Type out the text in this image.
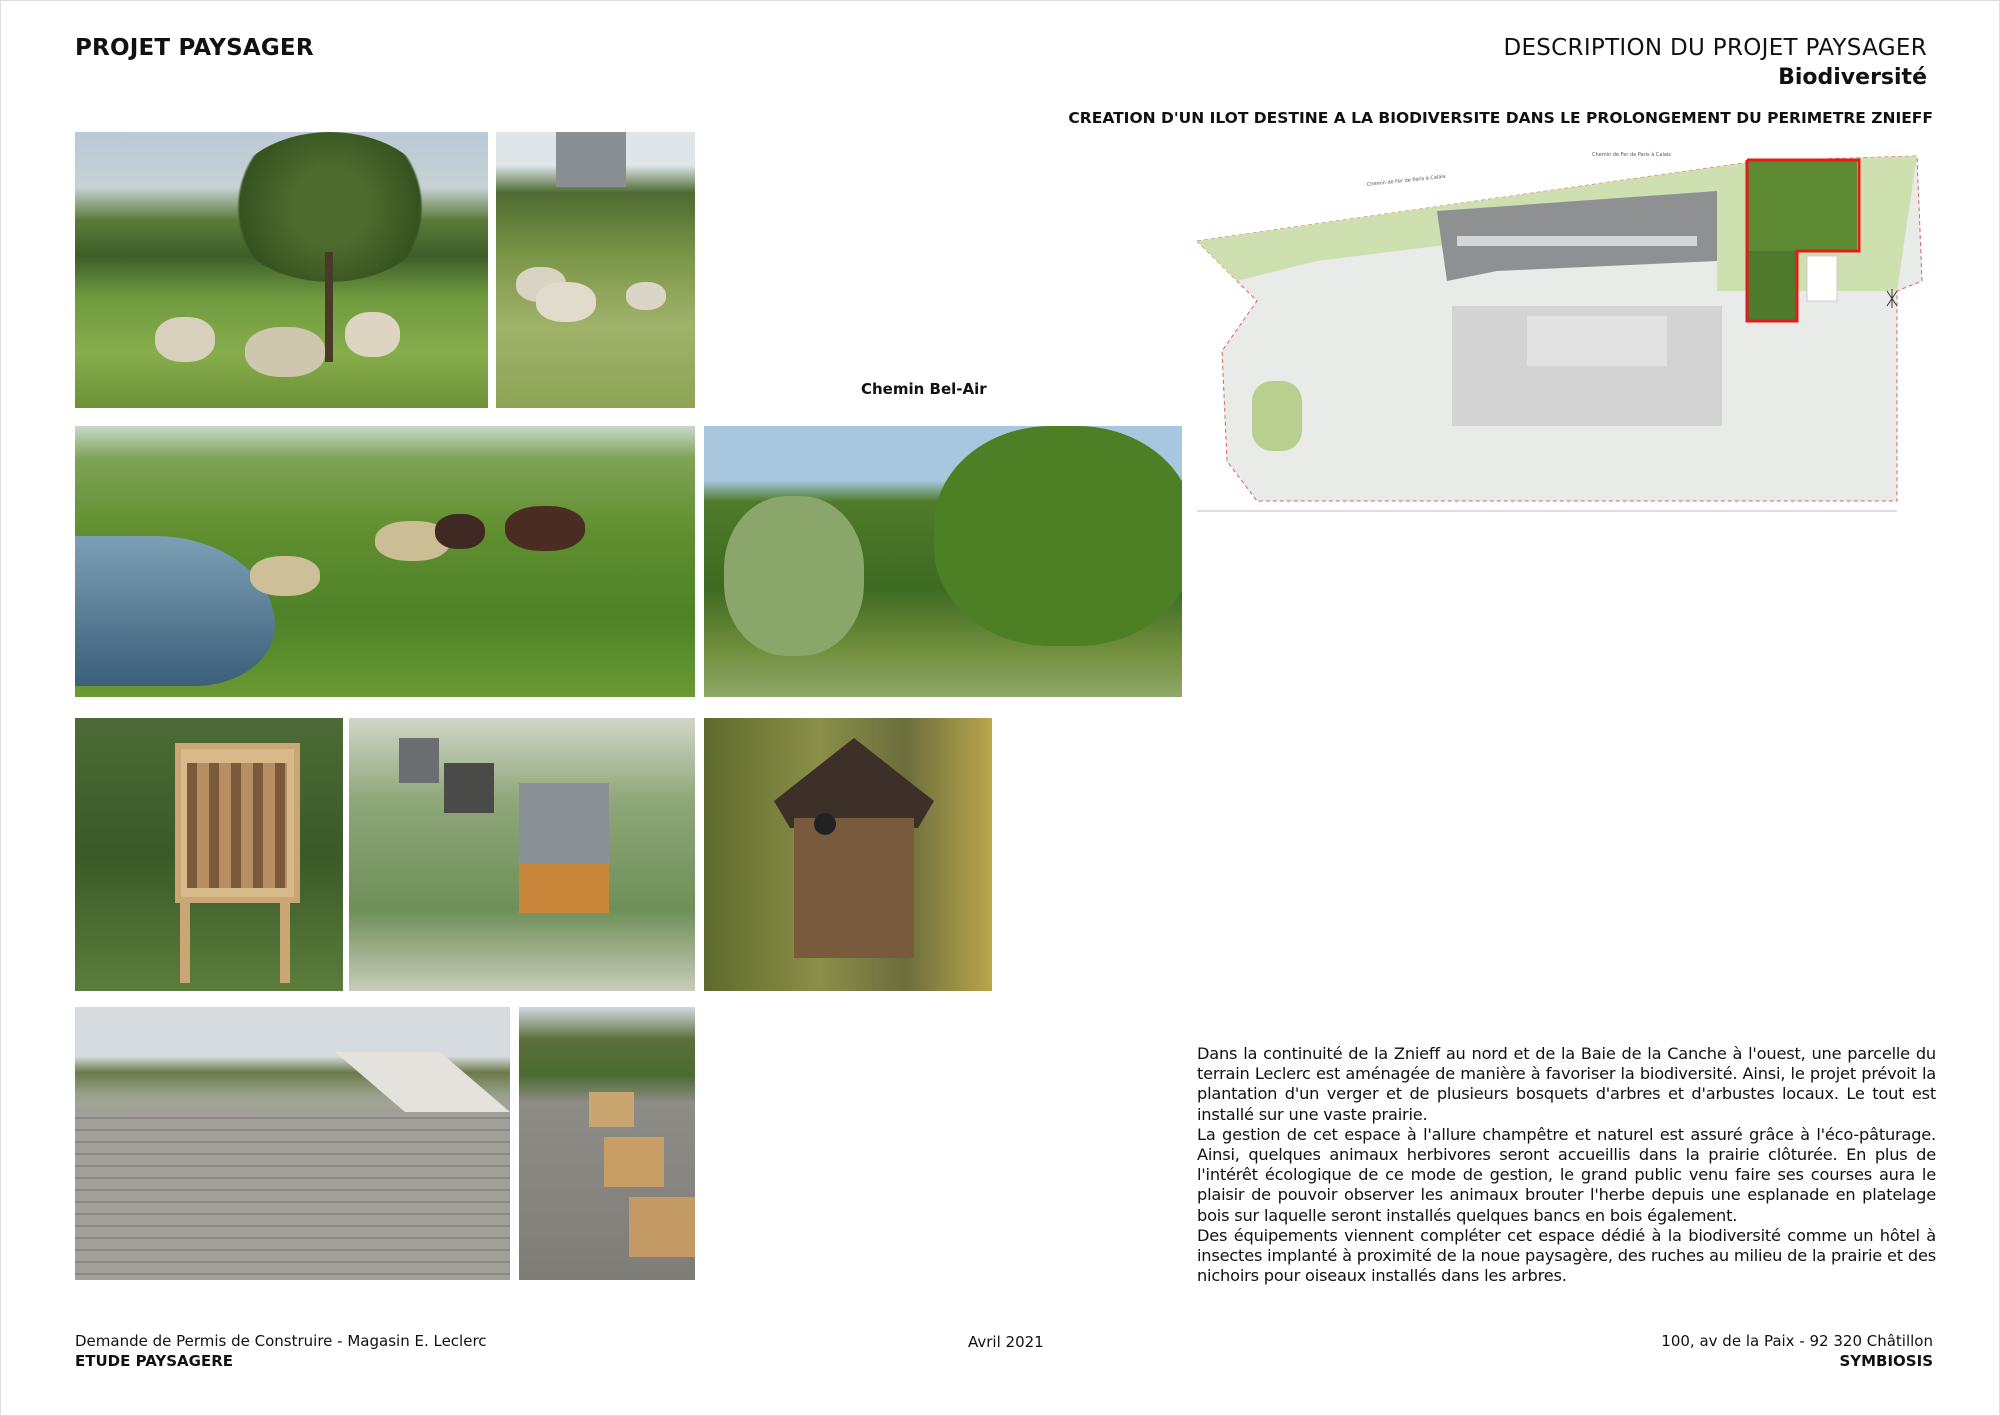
PROJET PAYSAGER	DESCRIPTION DU PROJET PAYSAGER
Biodiversité
CREATION D'UN ILOT DESTINE A LA BIODIVERSITE DANS LE PROLONGEMENT DU PERIMETRE ZNIEFF
Chemin Bel-Air
Chemin de Fer de Paris à Calais
Chemin de Fer de Paris à Calais

Dans la continuité de la Znieff au nord et de la Baie de la Canche à l'ouest, une parcelle du terrain Leclerc est aménagée de manière à favoriser la biodiversité. Ainsi, le projet prévoit la plantation d'un verger et de plusieurs bosquets d'arbres et d'arbustes locaux. Le tout est installé sur une vaste prairie.

La gestion de cet espace à l'allure champêtre et naturel est assuré grâce à l'éco-pâturage. Ainsi, quelques animaux herbivores seront accueillis dans la prairie clôturée. En plus de l'intérêt écologique de ce mode de gestion, le grand public venu faire ses courses aura le plaisir de pouvoir observer les animaux brouter l'herbe depuis une esplanade en platelage bois sur laquelle seront installés quelques bancs en bois également.

Des équipements viennent compléter cet espace dédié à la biodiversité comme un hôtel à insectes implanté à proximité de la noue paysagère, des ruches au milieu de la prairie et des nichoirs pour oiseaux installés dans les arbres.

Demande de Permis de Construire - Magasin E. Leclerc
ETUDE PAYSAGERE
Avril 2021	100, av de la Paix - 92 320 Châtillon
SYMBIOSIS
